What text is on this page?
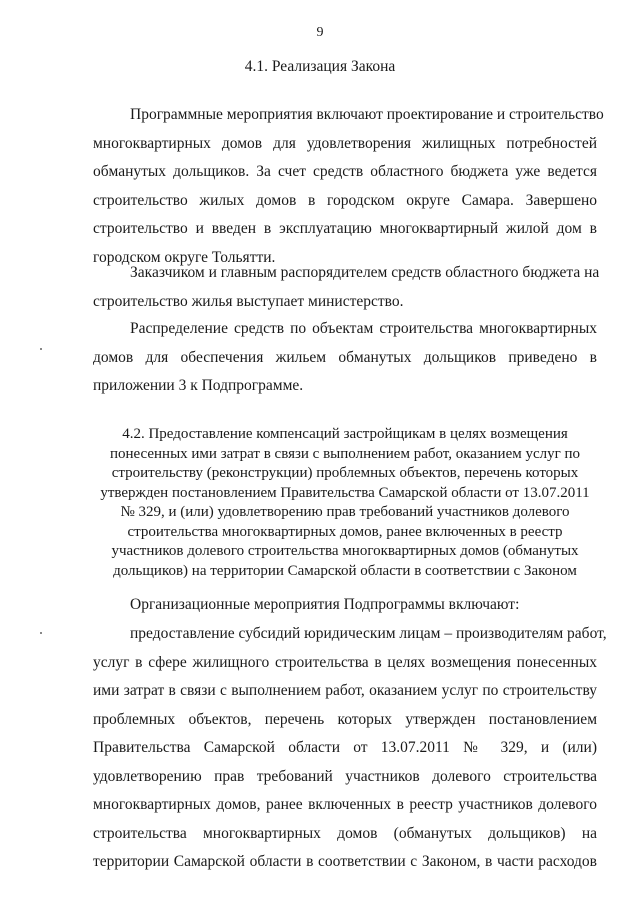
9
4.1. Реализация Закона
Программные мероприятия включают проектирование и строительство
многоквартирных домов для удовлетворения жилищных потребностей
обманутых дольщиков. За счет средств областного бюджета уже ведется
строительство жилых домов в городском округе Самара. Завершено
строительство и введен в эксплуатацию многоквартирный жилой дом в
городском округе Тольятти.
Заказчиком и главным распорядителем средств областного бюджета на
строительство жилья выступает министерство.
Распределение средств по объектам строительства многоквартирных
домов для обеспечения жильем обманутых дольщиков приведено в
приложении 3 к Подпрограмме.
4.2. Предоставление компенсаций застройщикам в целях возмещения
понесенных ими затрат в связи с выполнением работ, оказанием услуг по
строительству (реконструкции) проблемных объектов, перечень которых
утвержден постановлением Правительства Самарской области от 13.07.2011
№ 329, и (или) удовлетворению прав требований участников долевого
строительства многоквартирных домов, ранее включенных в реестр
участников долевого строительства многоквартирных домов (обманутых
дольщиков) на территории Самарской области в соответствии с Законом
Организационные мероприятия Подпрограммы включают:
предоставление субсидий юридическим лицам – производителям работ,
услуг в сфере жилищного строительства в целях возмещения понесенных
ими затрат в связи с выполнением работ, оказанием услуг по строительству
проблемных объектов, перечень которых утвержден постановлением
Правительства Самарской области от 13.07.2011 № 329, и (или)
удовлетворению прав требований участников долевого строительства
многоквартирных домов, ранее включенных в реестр участников долевого
строительства многоквартирных домов (обманутых дольщиков) на
территории Самарской области в соответствии с Законом, в части расходов
